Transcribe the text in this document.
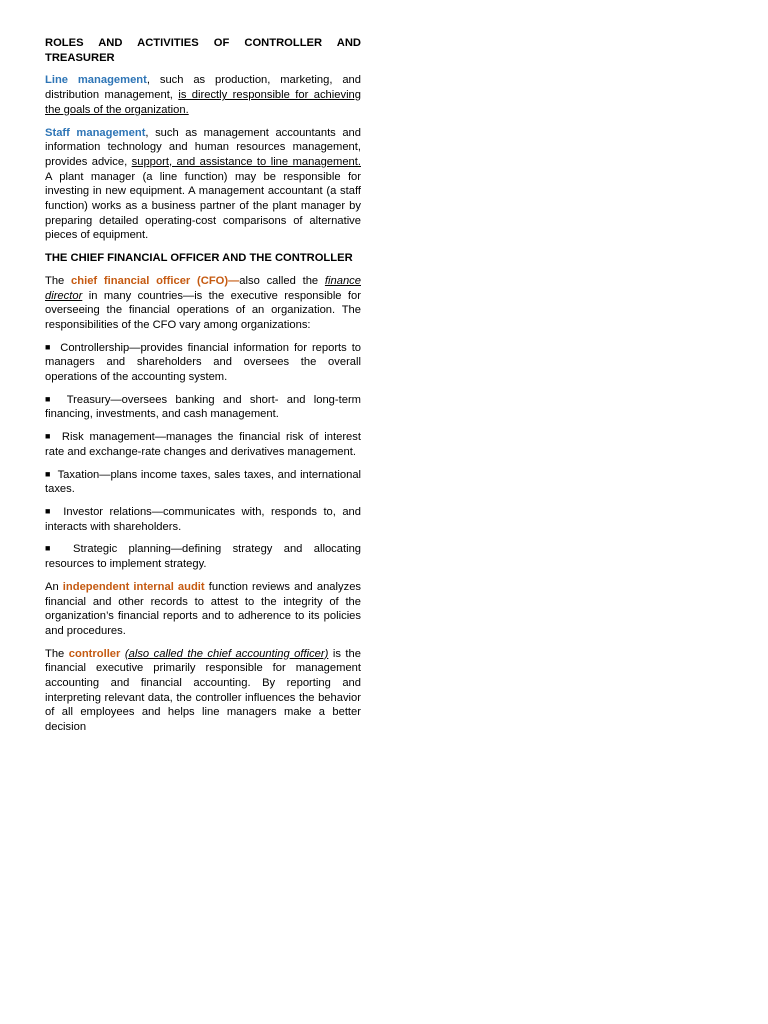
ROLES AND ACTIVITIES OF CONTROLLER AND TREASURER

Line management, such as production, marketing, and distribution management, is directly responsible for achieving the goals of the organization.

Staff management, such as management accountants and information technology and human resources management, provides advice, support, and assistance to line management. A plant manager (a line function) may be responsible for investing in new equipment. A management accountant (a staff function) works as a business partner of the plant manager by preparing detailed operating-cost comparisons of alternative pieces of equipment.

THE CHIEF FINANCIAL OFFICER AND THE CONTROLLER

The chief financial officer (CFO)—also called the finance director in many countries—is the executive responsible for overseeing the financial operations of an organization. The responsibilities of the CFO vary among organizations:

■ Controllership—provides financial information for reports to managers and shareholders and oversees the overall operations of the accounting system.

■ Treasury—oversees banking and short- and long-term financing, investments, and cash management.

■ Risk management—manages the financial risk of interest rate and exchange-rate changes and derivatives management.

■ Taxation—plans income taxes, sales taxes, and international taxes.

■ Investor relations—communicates with, responds to, and interacts with shareholders.

■ Strategic planning—defining strategy and allocating resources to implement strategy.

An independent internal audit function reviews and analyzes financial and other records to attest to the integrity of the organization’s financial reports and to adherence to its policies and procedures.

The controller (also called the chief accounting officer) is the financial executive primarily responsible for management accounting and financial accounting. By reporting and interpreting relevant data, the controller influences the behavior of all employees and helps line managers make a better decision
